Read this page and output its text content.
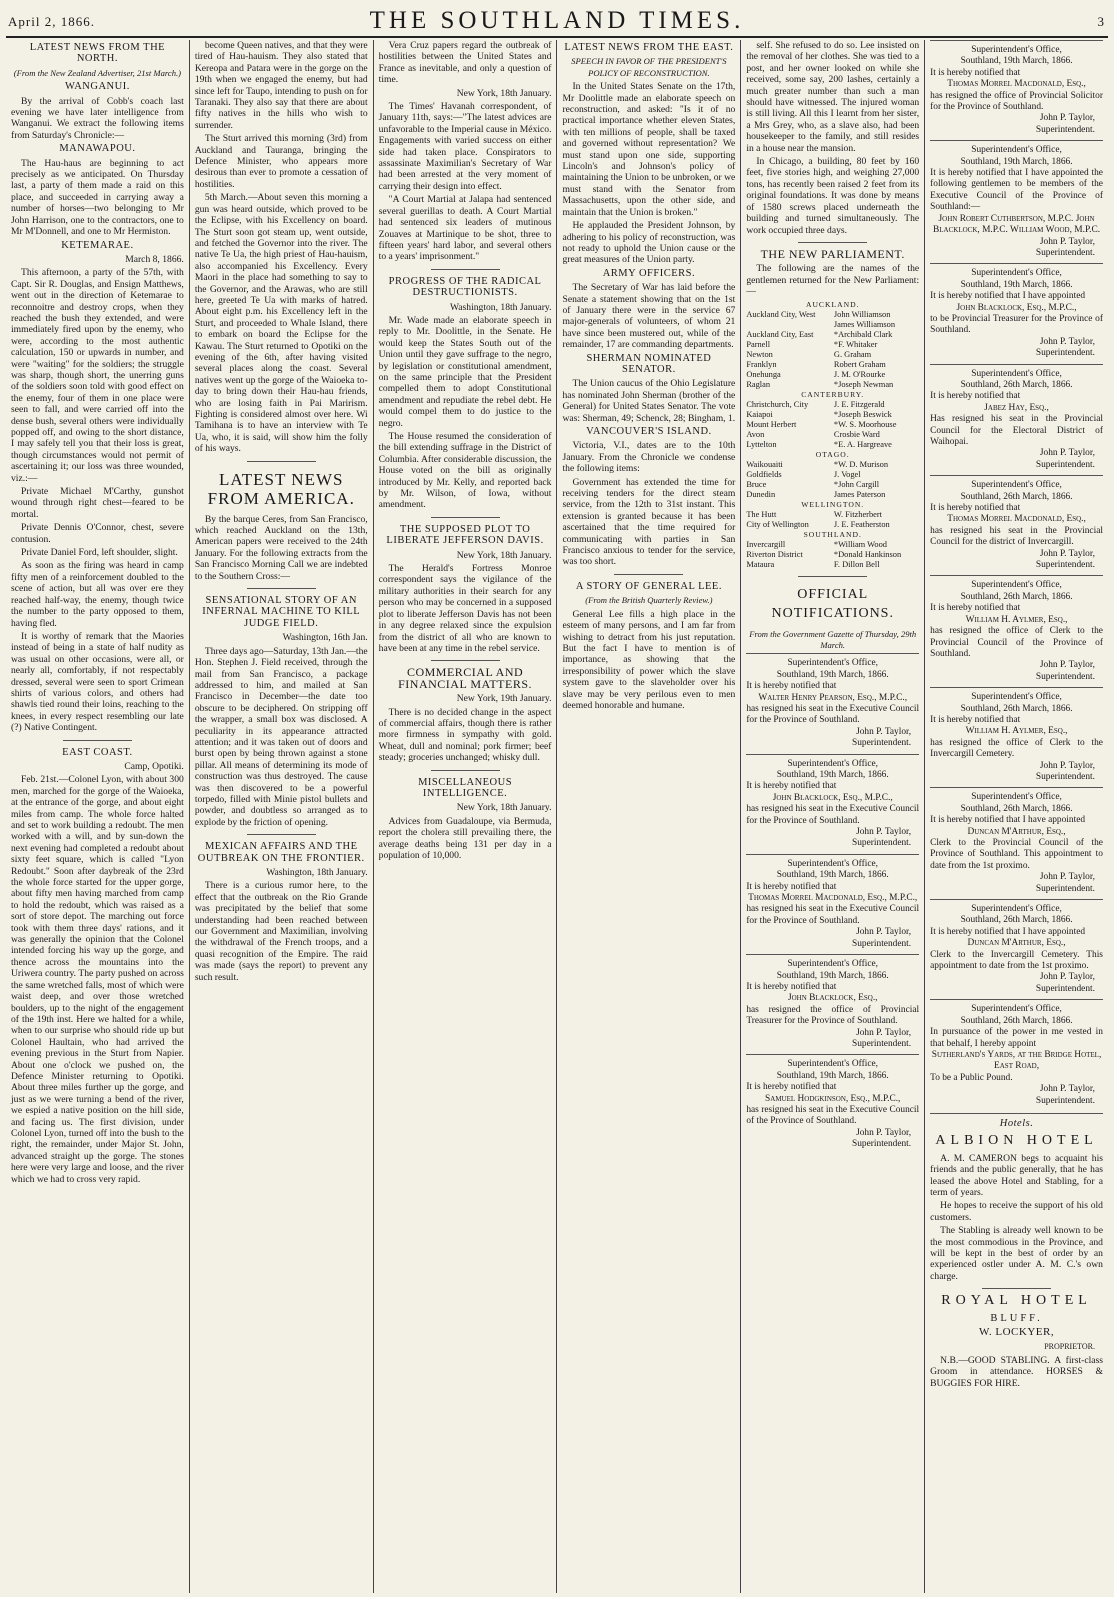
April 2, 1866.	THE SOUTHLAND TIMES.	3
LATEST NEWS FROM THE NORTH.

(From the New Zealand Advertiser, 21st March.)

WANGANUI.

By the arrival of Cobb's coach last evening we have later intelligence from Wanganui. We extract the following items from Saturday's Chronicle:—

MANAWAPOU.

The Hau-haus are beginning to act precisely as we anticipated. On Thursday last, a party of them made a raid on this place, and succeeded in carrying away a number of horses—two belonging to Mr John Harrison, one to the contractors, one to Mr M'Donnell, and one to Mr Hermiston.

KETEMARAE.

March 8, 1866.

This afternoon, a party of the 57th, with Capt. Sir R. Douglas, and Ensign Matthews, went out in the direction of Ketemarae to reconnoitre and destroy crops, when they reached the bush they extended, and were immediately fired upon by the enemy, who were, according to the most authentic calculation, 150 or upwards in number, and were "waiting" for the soldiers; the struggle was sharp, though short, the unerring guns of the soldiers soon told with good effect on the enemy, four of them in one place were seen to fall, and were carried off into the dense bush, several others were individually popped off, and owing to the short distance, I may safely tell you that their loss is great, though circumstances would not permit of ascertaining it; our loss was three wounded, viz.:—

Private Michael M'Carthy, gunshot wound through right chest—feared to be mortal.

Private Dennis O'Connor, chest, severe contusion.

Private Daniel Ford, left shoulder, slight.

As soon as the firing was heard in camp fifty men of a reinforcement doubled to the scene of action, but all was over ere they reached half-way, the enemy, though twice the number to the party opposed to them, having fled.

It is worthy of remark that the Maories instead of being in a state of half nudity as was usual on other occasions, were all, or nearly all, comfortably, if not respectably dressed, several were seen to sport Crimean shirts of various colors, and others had shawls tied round their loins, reaching to the knees, in every respect resembling our late (?) Native Contingent.

EAST COAST.

Camp, Opotiki.

Feb. 21st.—Colonel Lyon, with about 300 men, marched for the gorge of the Waioeka, at the entrance of the gorge, and about eight miles from camp. The whole force halted and set to work building a redoubt. The men worked with a will, and by sun-down the next evening had completed a redoubt about sixty feet square, which is called "Lyon Redoubt." Soon after daybreak of the 23rd the whole force started for the upper gorge, about fifty men having marched from camp to hold the redoubt, which was raised as a sort of store depot. The marching out force took with them three days' rations, and it was generally the opinion that the Colonel intended forcing his way up the gorge, and thence across the mountains into the Uriwera country. The party pushed on across the same wretched falls, most of which were waist deep, and over those wretched boulders, up to the night of the engagement of the 19th inst. Here we halted for a while, when to our surprise who should ride up but Colonel Haultain, who had arrived the evening previous in the Sturt from Napier. About one o'clock we pushed on, the Defence Minister returning to Opotiki. About three miles further up the gorge, and just as we were turning a bend of the river, we espied a native position on the hill side, and facing us. The first division, under Colonel Lyon, turned off into the bush to the right, the remainder, under Major St. John, advanced straight up the gorge. The stones here were very large and loose, and the river which we had to cross very rapid.

become Queen natives, and that they were tired of Hau-hauism. They also stated that Kereopa and Patara were in the gorge on the 19th when we engaged the enemy, but had since left for Taupo, intending to push on for Taranaki. They also say that there are about fifty natives in the hills who wish to surrender.

The Sturt arrived this morning (3rd) from Auckland and Tauranga, bringing the Defence Minister, who appears more desirous than ever to promote a cessation of hostilities.

5th March.—About seven this morning a gun was heard outside, which proved to be the Eclipse, with his Excellency on board. The Sturt soon got steam up, went outside, and fetched the Governor into the river. The native Te Ua, the high priest of Hau-hauism, also accompanied his Excellency. Every Maori in the place had something to say to the Governor, and the Arawas, who are still here, greeted Te Ua with marks of hatred. About eight p.m. his Excellency left in the Sturt, and proceeded to Whale Island, there to embark on board the Eclipse for the Kawau. The Sturt returned to Opotiki on the evening of the 6th, after having visited several places along the coast. Several natives went up the gorge of the Waioeka to-day to bring down their Hau-hau friends, who are losing faith in Pai Marirism. Fighting is considered almost over here. Wi Tamihana is to have an interview with Te Ua, who, it is said, will show him the folly of his ways.

LATEST NEWS FROM AMERICA.

By the barque Ceres, from San Francisco, which reached Auckland on the 13th, American papers were received to the 24th January. For the following extracts from the San Francisco Morning Call we are indebted to the Southern Cross:—

SENSATIONAL STORY OF AN INFERNAL MACHINE TO KILL JUDGE FIELD.

Washington, 16th Jan.

Three days ago—Saturday, 13th Jan.—the Hon. Stephen J. Field received, through the mail from San Francisco, a package addressed to him, and mailed at San Francisco in December—the date too obscure to be deciphered. On stripping off the wrapper, a small box was disclosed. A peculiarity in its appearance attracted attention; and it was taken out of doors and burst open by being thrown against a stone pillar. All means of determining its mode of construction was thus destroyed. The cause was then discovered to be a powerful torpedo, filled with Minie pistol bullets and powder, and doubtless so arranged as to explode by the friction of opening.

MEXICAN AFFAIRS AND THE OUTBREAK ON THE FRONTIER.

Washington, 18th January.

There is a curious rumor here, to the effect that the outbreak on the Rio Grande was precipitated by the belief that some understanding had been reached between our Government and Maximilian, involving the withdrawal of the French troops, and a quasi recognition of the Empire. The raid was made (says the report) to prevent any such result.

Vera Cruz papers regard the outbreak of hostilities between the United States and France as inevitable, and only a question of time.

New York, 18th January.

The Times' Havanah correspondent, of January 11th, says:—"The latest advices are unfavorable to the Imperial cause in México. Engagements with varied success on either side had taken place. Conspirators to assassinate Maximilian's Secretary of War had been arrested at the very moment of carrying their design into effect.

"A Court Martial at Jalapa had sentenced several guerillas to death. A Court Martial had sentenced six leaders of mutinous Zouaves at Martinique to be shot, three to fifteen years' hard labor, and several others to a years' imprisonment."

PROGRESS OF THE RADICAL DESTRUCTIONISTS.

Washington, 18th January.

Mr. Wade made an elaborate speech in reply to Mr. Doolittle, in the Senate. He would keep the States South out of the Union until they gave suffrage to the negro, by legislation or constitutional amendment, on the same principle that the President compelled them to adopt Constitutional amendment and repudiate the rebel debt. He would compel them to do justice to the negro.

The House resumed the consideration of the bill extending suffrage in the District of Columbia. After considerable discussion, the House voted on the bill as originally introduced by Mr. Kelly, and reported back by Mr. Wilson, of Iowa, without amendment.

THE SUPPOSED PLOT TO LIBERATE JEFFERSON DAVIS.

New York, 18th January.

The Herald's Fortress Monroe correspondent says the vigilance of the military authorities in their search for any person who may be concerned in a supposed plot to liberate Jefferson Davis has not been in any degree relaxed since the expulsion from the district of all who are known to have been at any time in the rebel service.

COMMERCIAL AND FINANCIAL MATTERS.

New York, 19th January.

There is no decided change in the aspect of commercial affairs, though there is rather more firmness in sympathy with gold. Wheat, dull and nominal; pork firmer; beef steady; groceries unchanged; whisky dull.

MISCELLANEOUS INTELLIGENCE.

New York, 18th January.

Advices from Guadaloupe, via Bermuda, report the cholera still prevailing there, the average deaths being 131 per day in a population of 10,000.

LATEST NEWS FROM THE EAST.

SPEECH IN FAVOR OF THE PRESIDENT'S POLICY OF RECONSTRUCTION.

In the United States Senate on the 17th, Mr Doolittle made an elaborate speech on reconstruction, and asked: "Is it of no practical importance whether eleven States, with ten millions of people, shall be taxed and governed without representation? We must stand upon one side, supporting Lincoln's and Johnson's policy of maintaining the Union to be unbroken, or we must stand with the Senator from Massachusetts, upon the other side, and maintain that the Union is broken."

He applauded the President Johnson, by adhering to his policy of reconstruction, was not ready to uphold the Union cause or the great measures of the Union party.

ARMY OFFICERS.

The Secretary of War has laid before the Senate a statement showing that on the 1st of January there were in the service 67 major-generals of volunteers, of whom 21 have since been mustered out, while of the remainder, 17 are commanding departments.

SHERMAN NOMINATED SENATOR.

The Union caucus of the Ohio Legislature has nominated John Sherman (brother of the General) for United States Senator. The vote was: Sherman, 49; Schenck, 28; Bingham, 1.

VANCOUVER'S ISLAND.

Victoria, V.I., dates are to the 10th January. From the Chronicle we condense the following items:

Government has extended the time for receiving tenders for the direct steam service, from the 12th to 31st instant. This extension is granted because it has been ascertained that the time required for communicating with parties in San Francisco anxious to tender for the service, was too short.

A STORY OF GENERAL LEE.

(From the British Quarterly Review.)

General Lee fills a high place in the esteem of many persons, and I am far from wishing to detract from his just reputation. But the fact I have to mention is of importance, as showing that the irresponsibility of power which the slave system gave to the slaveholder over his slave may be very perilous even to men deemed honorable and humane.

self. She refused to do so. Lee insisted on the removal of her clothes. She was tied to a post, and her owner looked on while she received, some say, 200 lashes, certainly a much greater number than such a man should have witnessed. The injured woman is still living. All this I learnt from her sister, a Mrs Grey, who, as a slave also, had been housekeeper to the family, and still resides in a house near the mansion.

In Chicago, a building, 80 feet by 160 feet, five stories high, and weighing 27,000 tons, has recently been raised 2 feet from its original foundations. It was done by means of 1580 screws placed underneath the building and turned simultaneously. The work occupied three days.

THE NEW PARLIAMENT.

The following are the names of the gentlemen returned for the New Parliament:—

AUCKLAND.	
Auckland City, West	John Williamson
	James Williamson
Auckland City, East	*Archibald Clark
Parnell	*F. Whitaker
Newton	G. Graham
Franklyn	Robert Graham
Onehunga	J. M. O'Rourke
Raglan	*Joseph Newman
CANTERBURY.	
Christchurch, City	J. E. Fitzgerald
Kaiapoi	*Joseph Beswick
Mount Herbert	*W. S. Moorhouse
Avon	Crosbie Ward
Lyttelton	*E. A. Hargreave
OTAGO.	
Waikouaiti	*W. D. Murison
Goldfields	J. Vogel
Bruce	*John Cargill
Dunedin	James Paterson
WELLINGTON.	
The Hutt	W. Fitzherbert
City of Wellington	J. E. Featherston
SOUTHLAND.	
Invercargill	*William Wood
Riverton District	*Donald Hankinson
Mataura	F. Dillon Bell
OFFICIAL NOTIFICATIONS.

From the Government Gazette of Thursday, 29th March.

Superintendent's Office,
Southland, 19th March, 1866.
It is hereby notified that
Walter Henry Pearson, Esq., M.P.C.,
has resigned his seat in the Executive Council for the Province of Southland.
John P. Taylor,
Superintendent.
Superintendent's Office,
Southland, 19th March, 1866.
It is hereby notified that
John Blacklock, Esq., M.P.C.,
has resigned his seat in the Executive Council for the Province of Southland.
John P. Taylor,
Superintendent.
Superintendent's Office,
Southland, 19th March, 1866.
It is hereby notified that
Thomas Morrel Macdonald, Esq., M.P.C.,
has resigned his seat in the Executive Council for the Province of Southland.
John P. Taylor,
Superintendent.
Superintendent's Office,
Southland, 19th March, 1866.
It is hereby notified that
John Blacklock, Esq.,
has resigned the office of Provincial Treasurer for the Province of Southland.
John P. Taylor,
Superintendent.
Superintendent's Office,
Southland, 19th March, 1866.
It is hereby notified that
Samuel Hodgkinson, Esq., M.P.C.,
has resigned his seat in the Executive Council of the Province of Southland.
John P. Taylor,
Superintendent.
Superintendent's Office,
Southland, 19th March, 1866.
It is hereby notified that
Thomas Morrel Macdonald, Esq.,
has resigned the office of Provincial Solicitor for the Province of Southland.
John P. Taylor,
Superintendent.
Superintendent's Office,
Southland, 19th March, 1866.
It is hereby notified that I have appointed the following gentlemen to be members of the Executive Council of the Province of Southland:—
John Robert Cuthbertson, M.P.C. John Blacklock, M.P.C. William Wood, M.P.C.
John P. Taylor,
Superintendent.
Superintendent's Office,
Southland, 19th March, 1866.
It is hereby notified that I have appointed
John Blacklock, Esq., M.P.C.,
to be Provincial Treasurer for the Province of Southland.
John P. Taylor,
Superintendent.
Superintendent's Office,
Southland, 26th March, 1866.
It is hereby notified that
Jabez Hay, Esq.,
Has resigned his seat in the Provincial Council for the Electoral District of Waihopai.
John P. Taylor,
Superintendent.
Superintendent's Office,
Southland, 26th March, 1866.
It is hereby notified that
Thomas Morrel Macdonald, Esq.,
has resigned his seat in the Provincial Council for the district of Invercargill.
John P. Taylor,
Superintendent.
Superintendent's Office,
Southland, 26th March, 1866.
It is hereby notified that
William H. Aylmer, Esq.,
has resigned the office of Clerk to the Provincial Council of the Province of Southland.
John P. Taylor,
Superintendent.
Superintendent's Office,
Southland, 26th March, 1866.
It is hereby notified that
William H. Aylmer, Esq.,
has resigned the office of Clerk to the Invercargill Cemetery.
John P. Taylor,
Superintendent.
Superintendent's Office,
Southland, 26th March, 1866.
It is hereby notified that I have appointed
Duncan M'Arthur, Esq.,
Clerk to the Provincial Council of the Province of Southland. This appointment to date from the 1st proximo.
John P. Taylor,
Superintendent.
Superintendent's Office,
Southland, 26th March, 1866.
It is hereby notified that I have appointed
Duncan M'Arthur, Esq.,
Clerk to the Invercargill Cemetery. This appointment to date from the 1st proximo.
John P. Taylor,
Superintendent.
Superintendent's Office,
Southland, 26th March, 1866.
In pursuance of the power in me vested in that behalf, I hereby appoint
Sutherland's Yards, at the Bridge Hotel, East Road,
To be a Public Pound.
John P. Taylor,
Superintendent.
Hotels.
ALBION HOTEL

A. M. CAMERON begs to acquaint his friends and the public generally, that he has leased the above Hotel and Stabling, for a term of years.

He hopes to receive the support of his old customers.

The Stabling is already well known to be the most commodious in the Province, and will be kept in the best of order by an experienced ostler under A. M. C.'s own charge.

ROYAL HOTEL
BLUFF.
W. LOCKYER,

PROPRIETOR.

N.B.—GOOD STABLING. A first-class Groom in attendance. HORSES & BUGGIES FOR HIRE.
